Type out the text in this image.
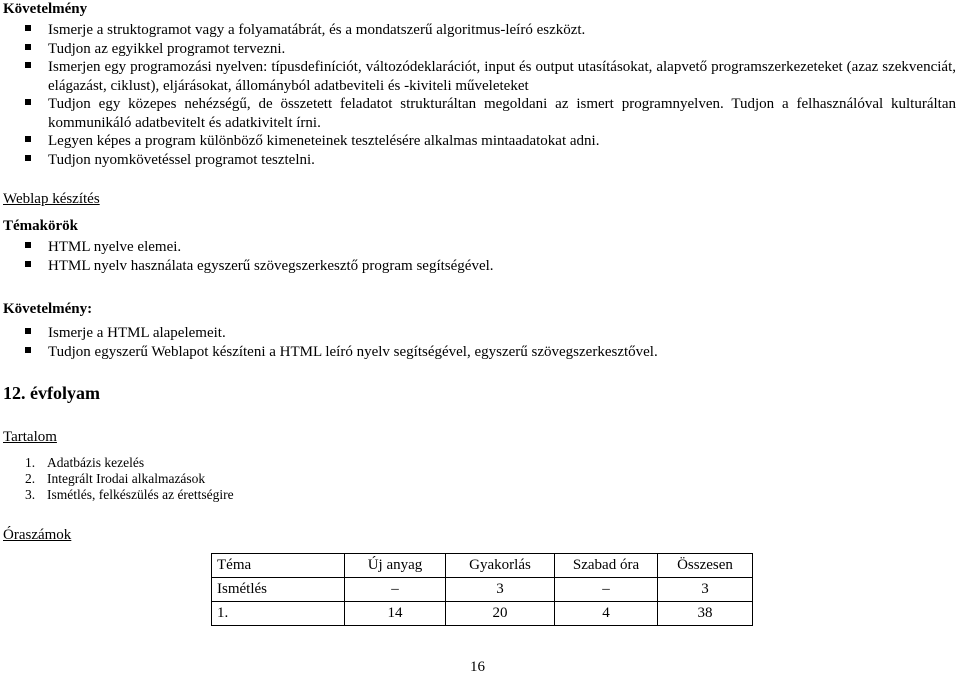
Követelmény
Ismerje a struktogramot vagy a folyamatábrát, és a mondatszerű algoritmus-leíró eszközt.
Tudjon az egyikkel programot tervezni.
Ismerjen egy programozási nyelven: típusdefiníciót, változódeklarációt, input és output utasításokat, alapvető programszerkezeteket (azaz szekvenciát, elágazást, ciklust), eljárásokat, állományból adatbeviteli és -kiviteli műveleteket
Tudjon egy közepes nehézségű, de összetett feladatot strukturáltan megoldani az ismert programnyelven. Tudjon a felhasználóval kulturáltan kommunikáló adatbevitelt és adatkivitelt írni.
Legyen képes a program különböző kimeneteinek tesztelésére alkalmas mintaadatokat adni.
Tudjon nyomkövetéssel programot tesztelni.
Weblap készítés
Témakörök
HTML nyelve elemei.
HTML nyelv használata egyszerű szövegszerkesztő program segítségével.
Követelmény:
Ismerje a HTML alapelemeit.
Tudjon egyszerű Weblapot készíteni a HTML leíró nyelv segítségével, egyszerű szövegszerkesztővel.
12. évfolyam
Tartalom
1. Adatbázis kezelés
2. Integrált Irodai alkalmazások
3. Ismétlés, felkészülés az érettségire
Óraszámok
Téma	Új anyag	Gyakorlás	Szabad óra	Összesen
Ismétlés	–	3	–	3
1.	14	20	4	38
16
